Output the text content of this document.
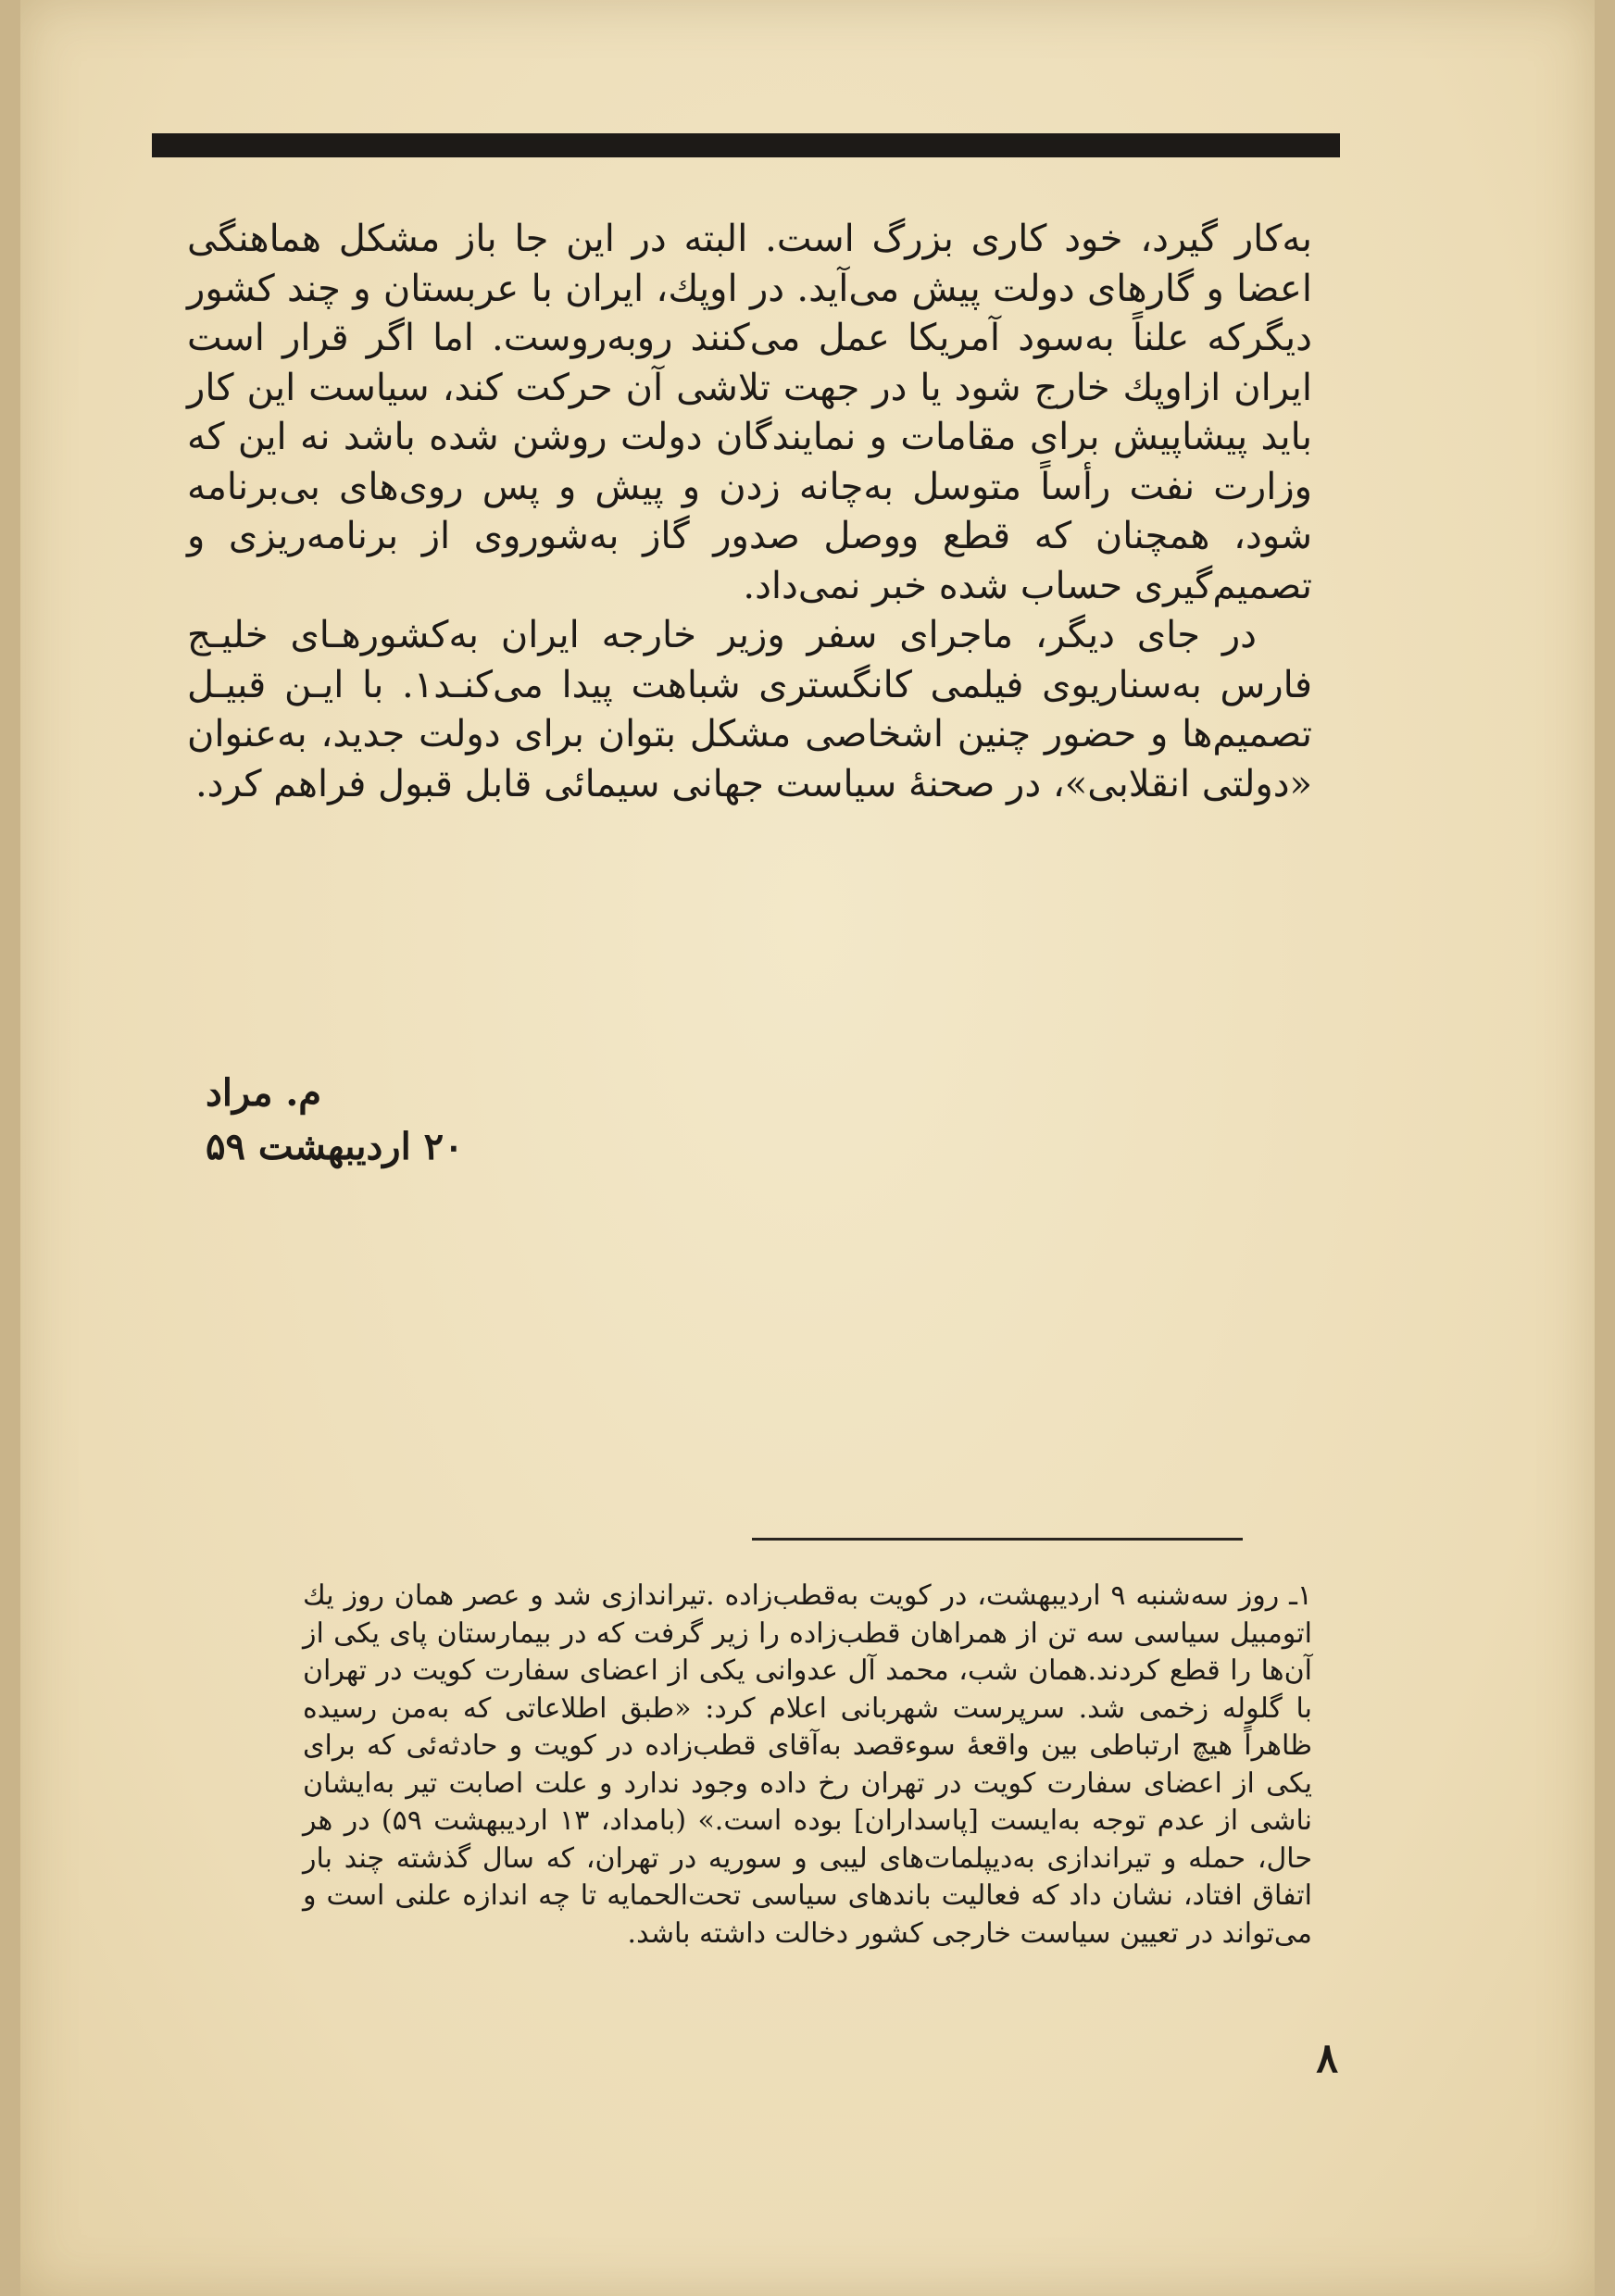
به‌کار گیرد، خود کاری بزرگ است. البته در این جا باز مشکل هماهنگی اعضا و گارهای دولت پیش می‌آید. در اوپك، ایران با عربستان و چند کشور دیگرکه علناً به‌سود آمریکا عمل می‌کنند روبه‌روست. اما اگر قرار است ایران ازاوپك خارج شود یا در جهت تلاشی آن حرکت کند، سیاست این کار باید پیشاپیش برای مقامات و نمایندگان دولت روشن شده باشد نه این که وزارت نفت رأساً متوسل به‌چانه زدن و پیش و پس روی‌های بی‌برنامه شود، همچنان که قطع ووصل صدور گاز به‌شوروی از برنامه‌ریزی و تصمیم‌گیری حساب شده خبر نمی‌داد.

در جای دیگر، ماجرای سفر وزیر خارجه ایران به‌کشورهـای خلیـج فارس به‌سناریوی فیلمی کانگستری شباهت پیدا می‌کنـد۱. با ایـن قبیـل تصمیم‌ها و حضور چنین اشخاصی مشکل بتوان برای دولت جدید، به‌عنوان «دولتی انقلابی»، در صحنهٔ سیاست جهانی سیمائی قابل قبول فراهم کرد.

م. مراد
۲۰ اردیبهشت ۵۹

۱ـ روز سه‌شنبه ۹ اردیبهشت، در کویت به‌قطب‌زاده .تیراندازی شد و عصر همان روز یك اتومبیل سیاسی سه تن از همراهان قطب‌زاده را زیر گرفت که در بیمارستان پای یکی از آن‌ها را قطع کردند.همان شب، محمد آل عدوانی یکی از اعضای سفارت کویت در تهران با گلوله زخمی شد. سرپرست شهربانی اعلام کرد: «طبق اطلاعاتی که به‌من رسیده ظاهراً هیچ ارتباطی بین واقعهٔ سوءقصد به‌آقای قطب‌زاده در کویت و حادثه‌ئی که برای یکی از اعضای سفارت کویت در تهران رخ داده وجود ندارد و علت اصابت تیر به‌ایشان ناشی از عدم توجه به‌ایست [پاسداران] بوده است.» (بامداد، ۱۳ اردیبهشت ۵۹) در هر حال، حمله و تیراندازی به‌دیپلمات‌های لیبی و سوریه در تهران، که سال گذشته چند بار اتفاق افتاد، نشان داد که فعالیت باندهای سیاسی تحت‌الحمایه تا چه اندازه علنی است و می‌تواند در تعیین سیاست خارجی کشور دخالت داشته باشد.

۸
